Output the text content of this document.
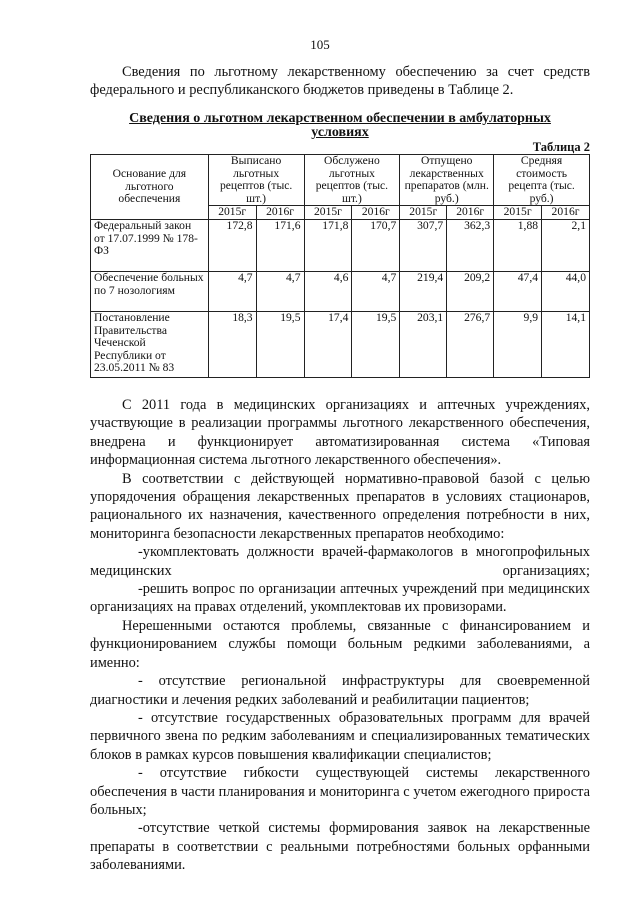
105

Сведения по льготному лекарственному обеспечению за счет средств федерального и республиканского бюджетов приведены в Таблице 2.

Сведения о льготном лекарственном обеспечении в амбулаторных
условиях
Таблица 2
Основание для льготного обеспечения	Выписано льготных рецептов (тыс. шт.)		Обслужено льготных рецептов (тыс. шт.)		Отпущено лекарственных препаратов (млн. руб.)		Средняя стоимость рецепта (тыс. руб.)	
	2015г	2016г	2015г	2016г	2015г	2016г	2015г	2016г
Федеральный закон от 17.07.1999 № 178-ФЗ	172,8	171,6	171,8	170,7	307,7	362,3	1,88	2,1
Обеспечение больных по 7 нозологиям	4,7	4,7	4,6	4,7	219,4	209,2	47,4	44,0
Постановление Правительства Чеченской Республики от 23.05.2011 № 83	18,3	19,5	17,4	19,5	203,1	276,7	9,9	14,1

С 2011 года в медицинских организациях и аптечных учреждениях, участвующие в реализации программы льготного лекарственного обеспечения, внедрена и функционирует автоматизированная система «Типовая информационная система льготного лекарственного обеспечения».

В соответствии с действующей нормативно-правовой базой с целью упорядочения обращения лекарственных препаратов в условиях стационаров, рационального их назначения, качественного определения потребности в них, мониторинга безопасности лекарственных препаратов необходимо:

-укомплектовать должности врачей-фармакологов в многопрофильных медицинских организациях;

-решить вопрос по организации аптечных учреждений при медицинских организациях на правах отделений, укомплектовав их провизорами.

Нерешенными остаются проблемы, связанные с финансированием и функционированием службы помощи больным редкими заболеваниями, а именно:

- отсутствие региональной инфраструктуры для своевременной диагностики и лечения редких заболеваний и реабилитации пациентов;

- отсутствие государственных образовательных программ для врачей первичного звена по редким заболеваниям и специализированных тематических блоков в рамках курсов повышения квалификации специалистов;

- отсутствие гибкости существующей системы лекарственного обеспечения в части планирования и мониторинга с учетом ежегодного прироста больных;

-отсутствие четкой системы формирования заявок на лекарственные препараты в соответствии с реальными потребностями больных орфанными заболеваниями.
